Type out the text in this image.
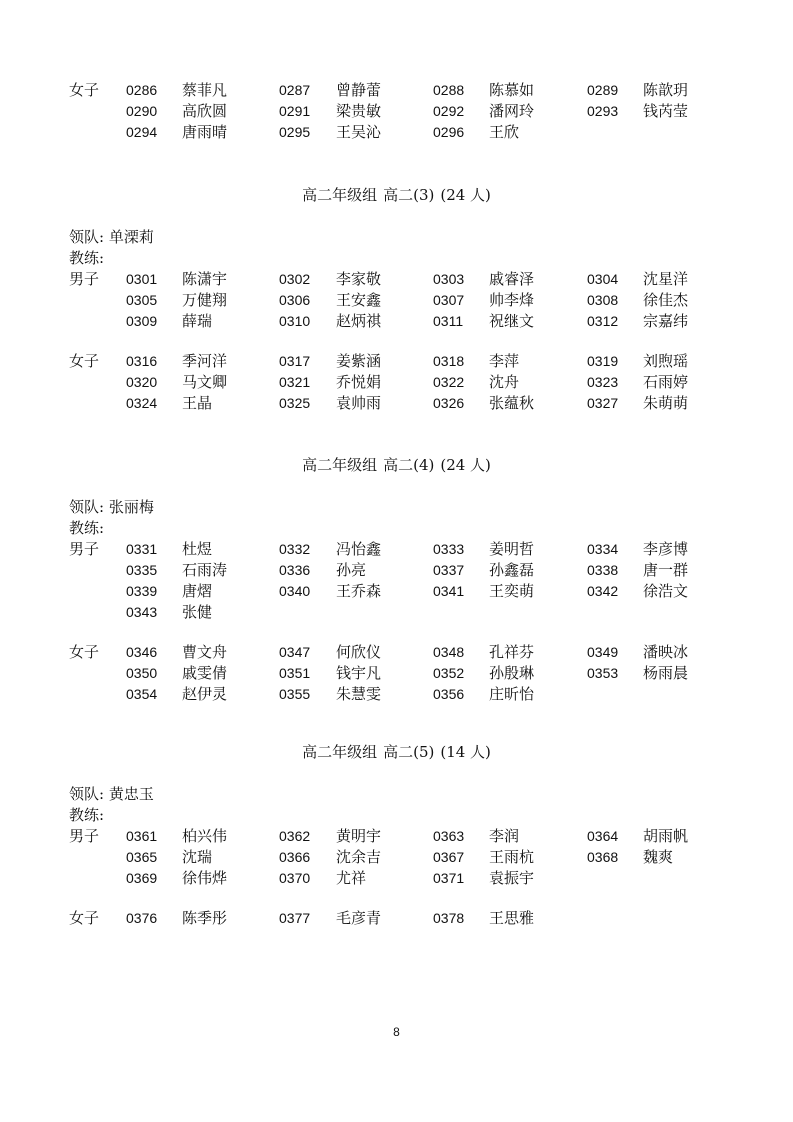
女子 0286 蔡菲凡	0287 曾静蕾	0288 陈慕如	0289 陈歆玥
0290 高欣圆	0291 梁贵敏	0292 潘网玲	0293 钱芮莹
0294 唐雨晴	0295 王吴沁	0296 王欣
高二年级组 高二(3) (24 人)
领队: 单溧莉
教练:
男子 0301 陈潇宇	0302 李家敬	0303 戚睿泽	0304 沈星洋
0305 万健翔	0306 王安鑫	0307 帅李烽	0308 徐佳杰
0309 薛瑞	0310 赵炳祺	0311 祝继文	0312 宗嘉纬
女子 0316 季河洋	0317 姜紫涵	0318 李萍	0319 刘煦瑶
0320 马文卿	0321 乔悦娟	0322 沈舟	0323 石雨婷
0324 王晶	0325 袁帅雨	0326 张蕴秋	0327 朱萌萌
高二年级组 高二(4) (24 人)
领队: 张丽梅
教练:
男子 0331 杜煜	0332 冯怡鑫	0333 姜明哲	0334 李彦博
0335 石雨涛	0336 孙亮	0337 孙鑫磊	0338 唐一群
0339 唐熠	0340 王乔森	0341 王奕萌	0342 徐浩文
0343 张健
女子 0346 曹文舟	0347 何欣仪	0348 孔祥芬	0349 潘映冰
0350 戚雯倩	0351 钱宇凡	0352 孙殷琳	0353 杨雨晨
0354 赵伊灵	0355 朱慧雯	0356 庄昕怡
高二年级组 高二(5) (14 人)
领队: 黄忠玉
教练:
男子 0361 柏兴伟	0362 黄明宇	0363 李润	0364 胡雨帆
0365 沈瑞	0366 沈余吉	0367 王雨杭	0368 魏爽
0369 徐伟烨	0370 尤祥	0371 袁振宇
女子 0376 陈季彤	0377 毛彦青	0378 王思雅
8
